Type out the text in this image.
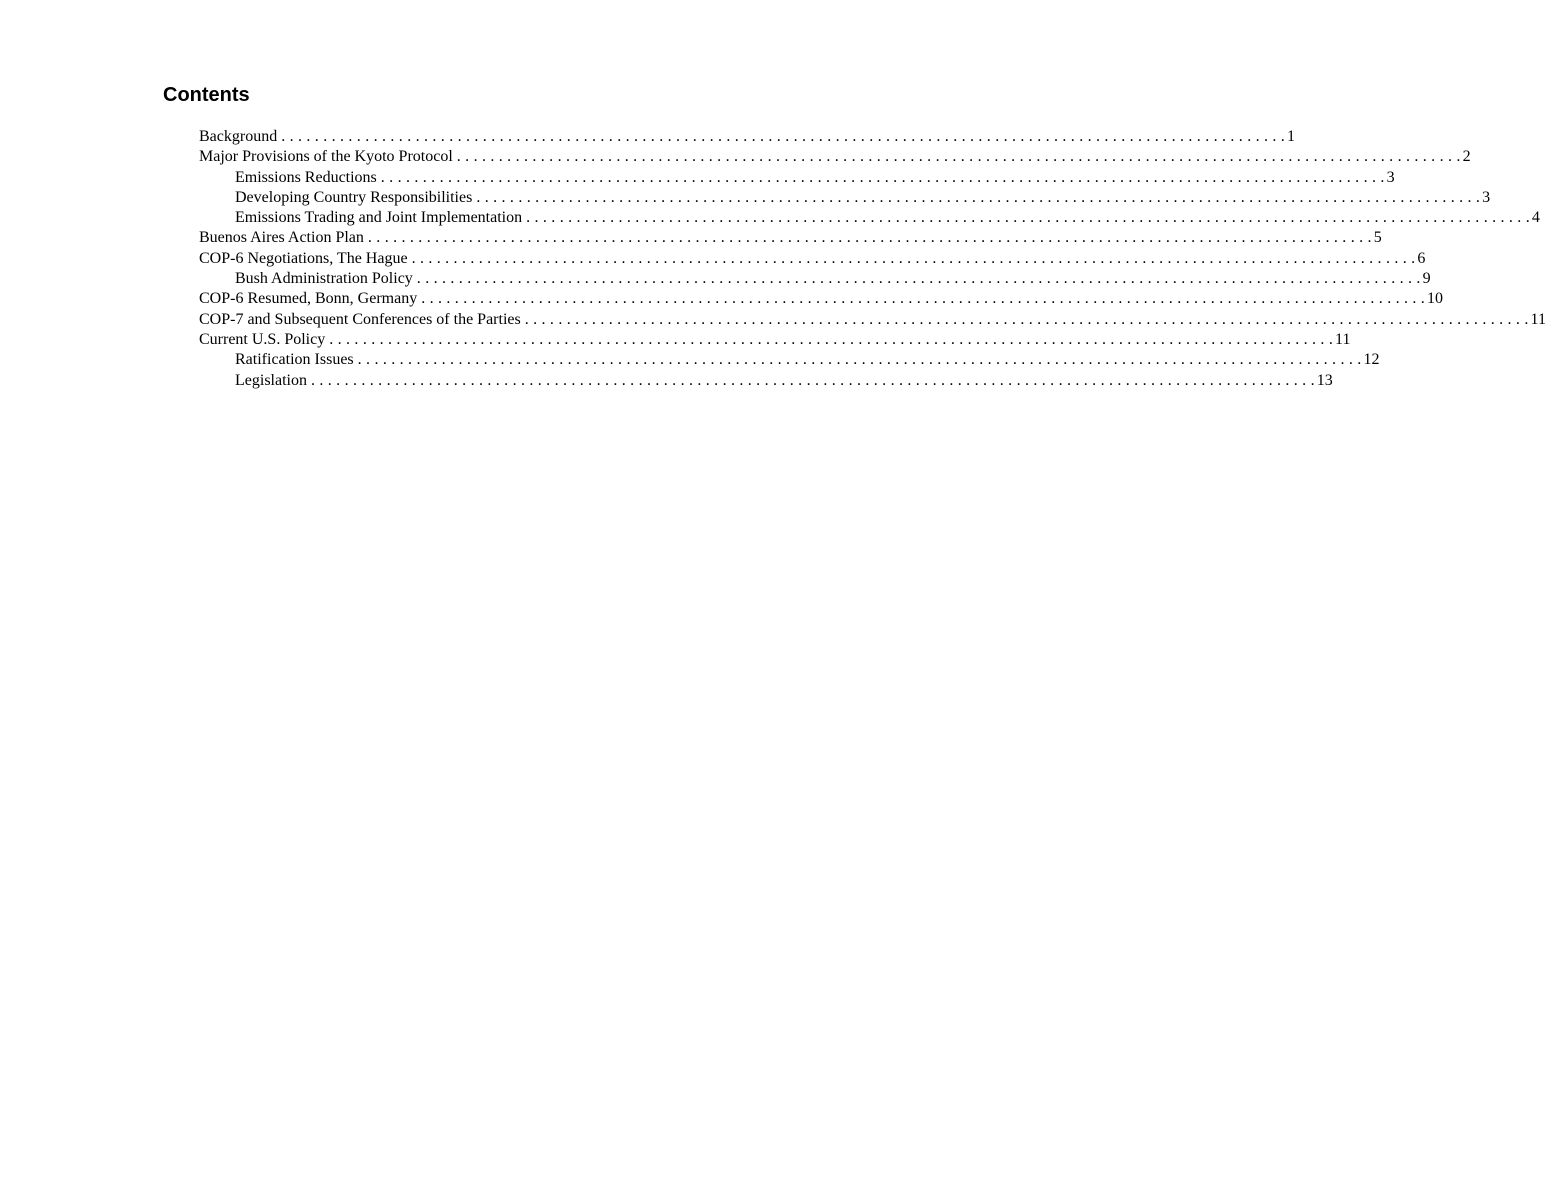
Contents
Background . . . . . . . . . . . . . . . . . . . . . . . . . . . . . . . . . . . . . . . . . . . . . . . . . . . . . . . . . . . . . . . . . . . . . . . . . . . . . . . . . . . . . . . . . . . . . . . . . . . . . . . . . . . . . . . . . . . . . . . . 1
Major Provisions of the Kyoto Protocol . . . . . . . . . . . . . . . . . . . . . . . . . . . . . . . . . . . . . . . . . . . . . . . . . . . . . . . . . . . . . . . . . . . . . . . . . . . . . . . . . . . . . . . . . . . . . . . . . . . . . . . . . . . . . . . . . . . . . . . . 2
Emissions Reductions . . . . . . . . . . . . . . . . . . . . . . . . . . . . . . . . . . . . . . . . . . . . . . . . . . . . . . . . . . . . . . . . . . . . . . . . . . . . . . . . . . . . . . . . . . . . . . . . . . . . . . . . . . . . . . . . . . . . . . . . 3
Developing Country Responsibilities . . . . . . . . . . . . . . . . . . . . . . . . . . . . . . . . . . . . . . . . . . . . . . . . . . . . . . . . . . . . . . . . . . . . . . . . . . . . . . . . . . . . . . . . . . . . . . . . . . . . . . . . . . . . . . . . . . . . . . . . 3
Emissions Trading and Joint Implementation . . . . . . . . . . . . . . . . . . . . . . . . . . . . . . . . . . . . . . . . . . . . . . . . . . . . . . . . . . . . . . . . . . . . . . . . . . . . . . . . . . . . . . . . . . . . . . . . . . . . . . . . . . . . . . . . . . . . . . . . 4
Buenos Aires Action Plan . . . . . . . . . . . . . . . . . . . . . . . . . . . . . . . . . . . . . . . . . . . . . . . . . . . . . . . . . . . . . . . . . . . . . . . . . . . . . . . . . . . . . . . . . . . . . . . . . . . . . . . . . . . . . . . . . . . . . . . . 5
COP-6 Negotiations, The Hague . . . . . . . . . . . . . . . . . . . . . . . . . . . . . . . . . . . . . . . . . . . . . . . . . . . . . . . . . . . . . . . . . . . . . . . . . . . . . . . . . . . . . . . . . . . . . . . . . . . . . . . . . . . . . . . . . . . . . . . . 6
Bush Administration Policy . . . . . . . . . . . . . . . . . . . . . . . . . . . . . . . . . . . . . . . . . . . . . . . . . . . . . . . . . . . . . . . . . . . . . . . . . . . . . . . . . . . . . . . . . . . . . . . . . . . . . . . . . . . . . . . . . . . . . . . . 9
COP-6 Resumed, Bonn, Germany . . . . . . . . . . . . . . . . . . . . . . . . . . . . . . . . . . . . . . . . . . . . . . . . . . . . . . . . . . . . . . . . . . . . . . . . . . . . . . . . . . . . . . . . . . . . . . . . . . . . . . . . . . . . . . . . . . . . . . . . 10
COP-7 and Subsequent Conferences of the Parties . . . . . . . . . . . . . . . . . . . . . . . . . . . . . . . . . . . . . . . . . . . . . . . . . . . . . . . . . . . . . . . . . . . . . . . . . . . . . . . . . . . . . . . . . . . . . . . . . . . . . . . . . . . . . . . . . . . . . . . . 11
Current U.S. Policy . . . . . . . . . . . . . . . . . . . . . . . . . . . . . . . . . . . . . . . . . . . . . . . . . . . . . . . . . . . . . . . . . . . . . . . . . . . . . . . . . . . . . . . . . . . . . . . . . . . . . . . . . . . . . . . . . . . . . . . . 11
Ratification Issues . . . . . . . . . . . . . . . . . . . . . . . . . . . . . . . . . . . . . . . . . . . . . . . . . . . . . . . . . . . . . . . . . . . . . . . . . . . . . . . . . . . . . . . . . . . . . . . . . . . . . . . . . . . . . . . . . . . . . . . . 12
Legislation . . . . . . . . . . . . . . . . . . . . . . . . . . . . . . . . . . . . . . . . . . . . . . . . . . . . . . . . . . . . . . . . . . . . . . . . . . . . . . . . . . . . . . . . . . . . . . . . . . . . . . . . . . . . . . . . . . . . . . . . 13
